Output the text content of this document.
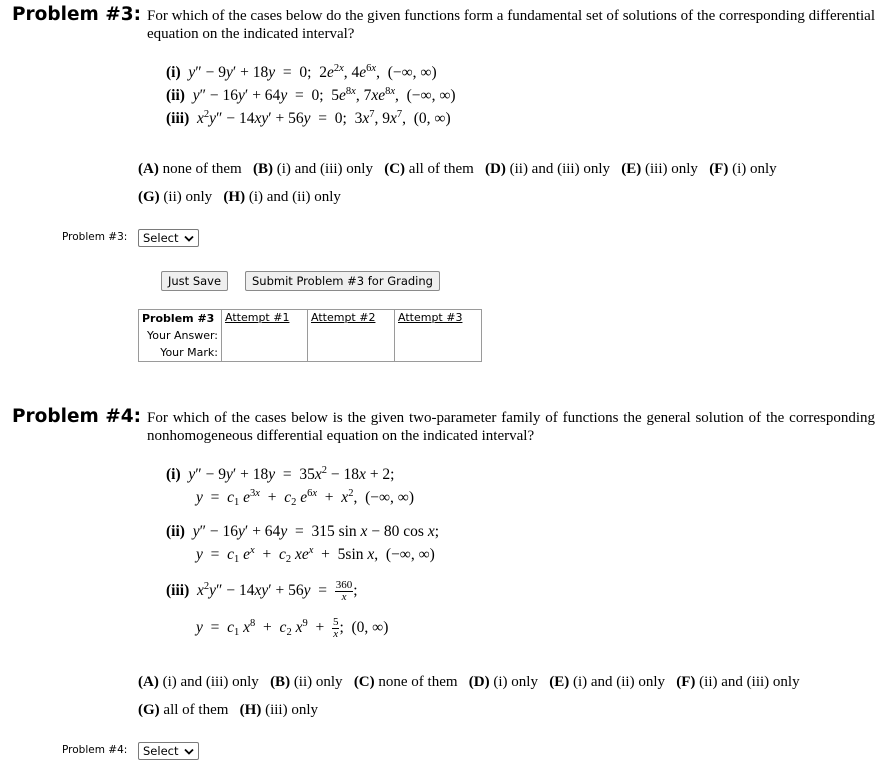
Problem #3: For which of the cases below do the given functions form a fundamental set of solutions of the corresponding differential equation on the indicated interval?
(i) y″ − 9y′ + 18y  =  0;  $2e^{2x}$, $4e^{6x}$,  (−∞, ∞)
(ii) y″ − 16y′ + 64y  =  0;  $5e^{8x}$, $7xe^{8x}$,  (−∞, ∞)
(iii) $x^2y'' - 14xy' + 56y = 0$;  $3x^7$, $9x^7$,  (0, ∞)
(A) none of them (B) (i) and (iii) only (C) all of them (D) (ii) and (iii) only (E) (iii) only (F) (i) only
(G) (ii) only (H) (i) and (ii) only
Problem #3: Select
Just Save	Submit Problem #3 for Grading
Problem #3	Attempt #1	Attempt #2	Attempt #3
Your Answer:
Your Mark:
Problem #4: For which of the cases below is the given two-parameter family of functions the general solution of the corresponding nonhomogeneous differential equation on the indicated interval?
(i) $y'' - 9y' + 18y = 35x^2 - 18x + 2$;
$y = c_1$ $e^{3x} + c_2$ $e^{6x} + x^2$,  (−∞, ∞)
(ii) y″ − 16y′ + 64y  =  315 sin x − 80 cos x;
$y = c_1$ $e^x + c_2$ $xe^x + 5\sin$ x,  (−∞, ∞)
(iii) $x^2y'' - 14xy' + 56y = \frac{360}{x}$ ;
$y = c_1$ $x^8 + c_2$ $x^9 + \frac{5}{x}$ ;  (0, ∞)
(A) (i) and (iii) only (B) (ii) only (C) none of them (D) (i) only (E) (i) and (ii) only (F) (ii) and (iii) only
(G) all of them (H) (iii) only
Problem #4: Select
